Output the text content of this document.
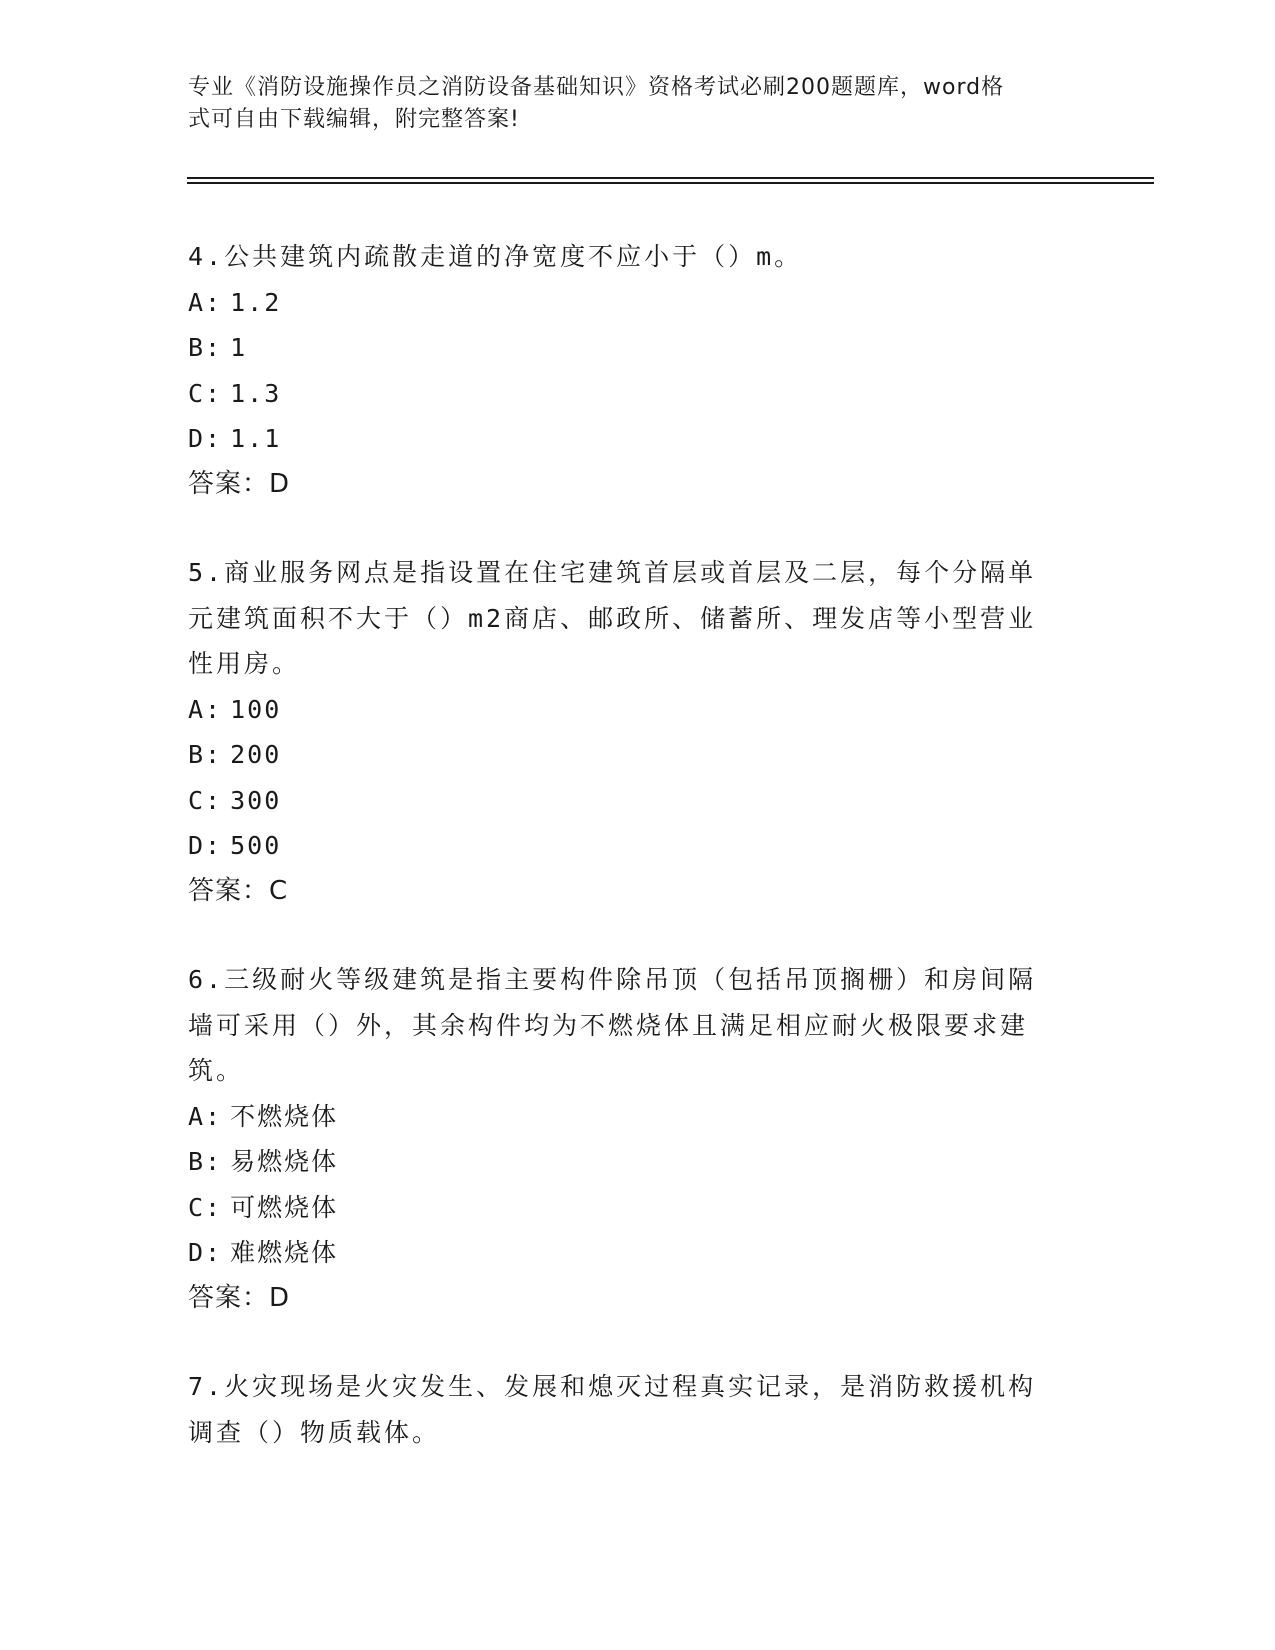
专业《消防设施操作员之消防设备基础知识》资格考试必刷200题题库，word格
式可自由下载编辑，附完整答案!

4.公共建筑内疏散走道的净宽度不应小于（）m。

A: 1.2

B: 1

C: 1.3

D: 1.1

答案：D

5.商业服务网点是指设置在住宅建筑首层或首层及二层，每个分隔单

元建筑面积不大于（）m2商店、邮政所、储蓄所、理发店等小型营业

性用房。

A: 100

B: 200

C: 300

D: 500

答案：C

6.三级耐火等级建筑是指主要构件除吊顶（包括吊顶搁栅）和房间隔

墙可采用（）外，其余构件均为不燃烧体且满足相应耐火极限要求建

筑。

A: 不燃烧体

B: 易燃烧体

C: 可燃烧体

D: 难燃烧体

答案：D

7.火灾现场是火灾发生、发展和熄灭过程真实记录，是消防救援机构

调查（）物质载体。
